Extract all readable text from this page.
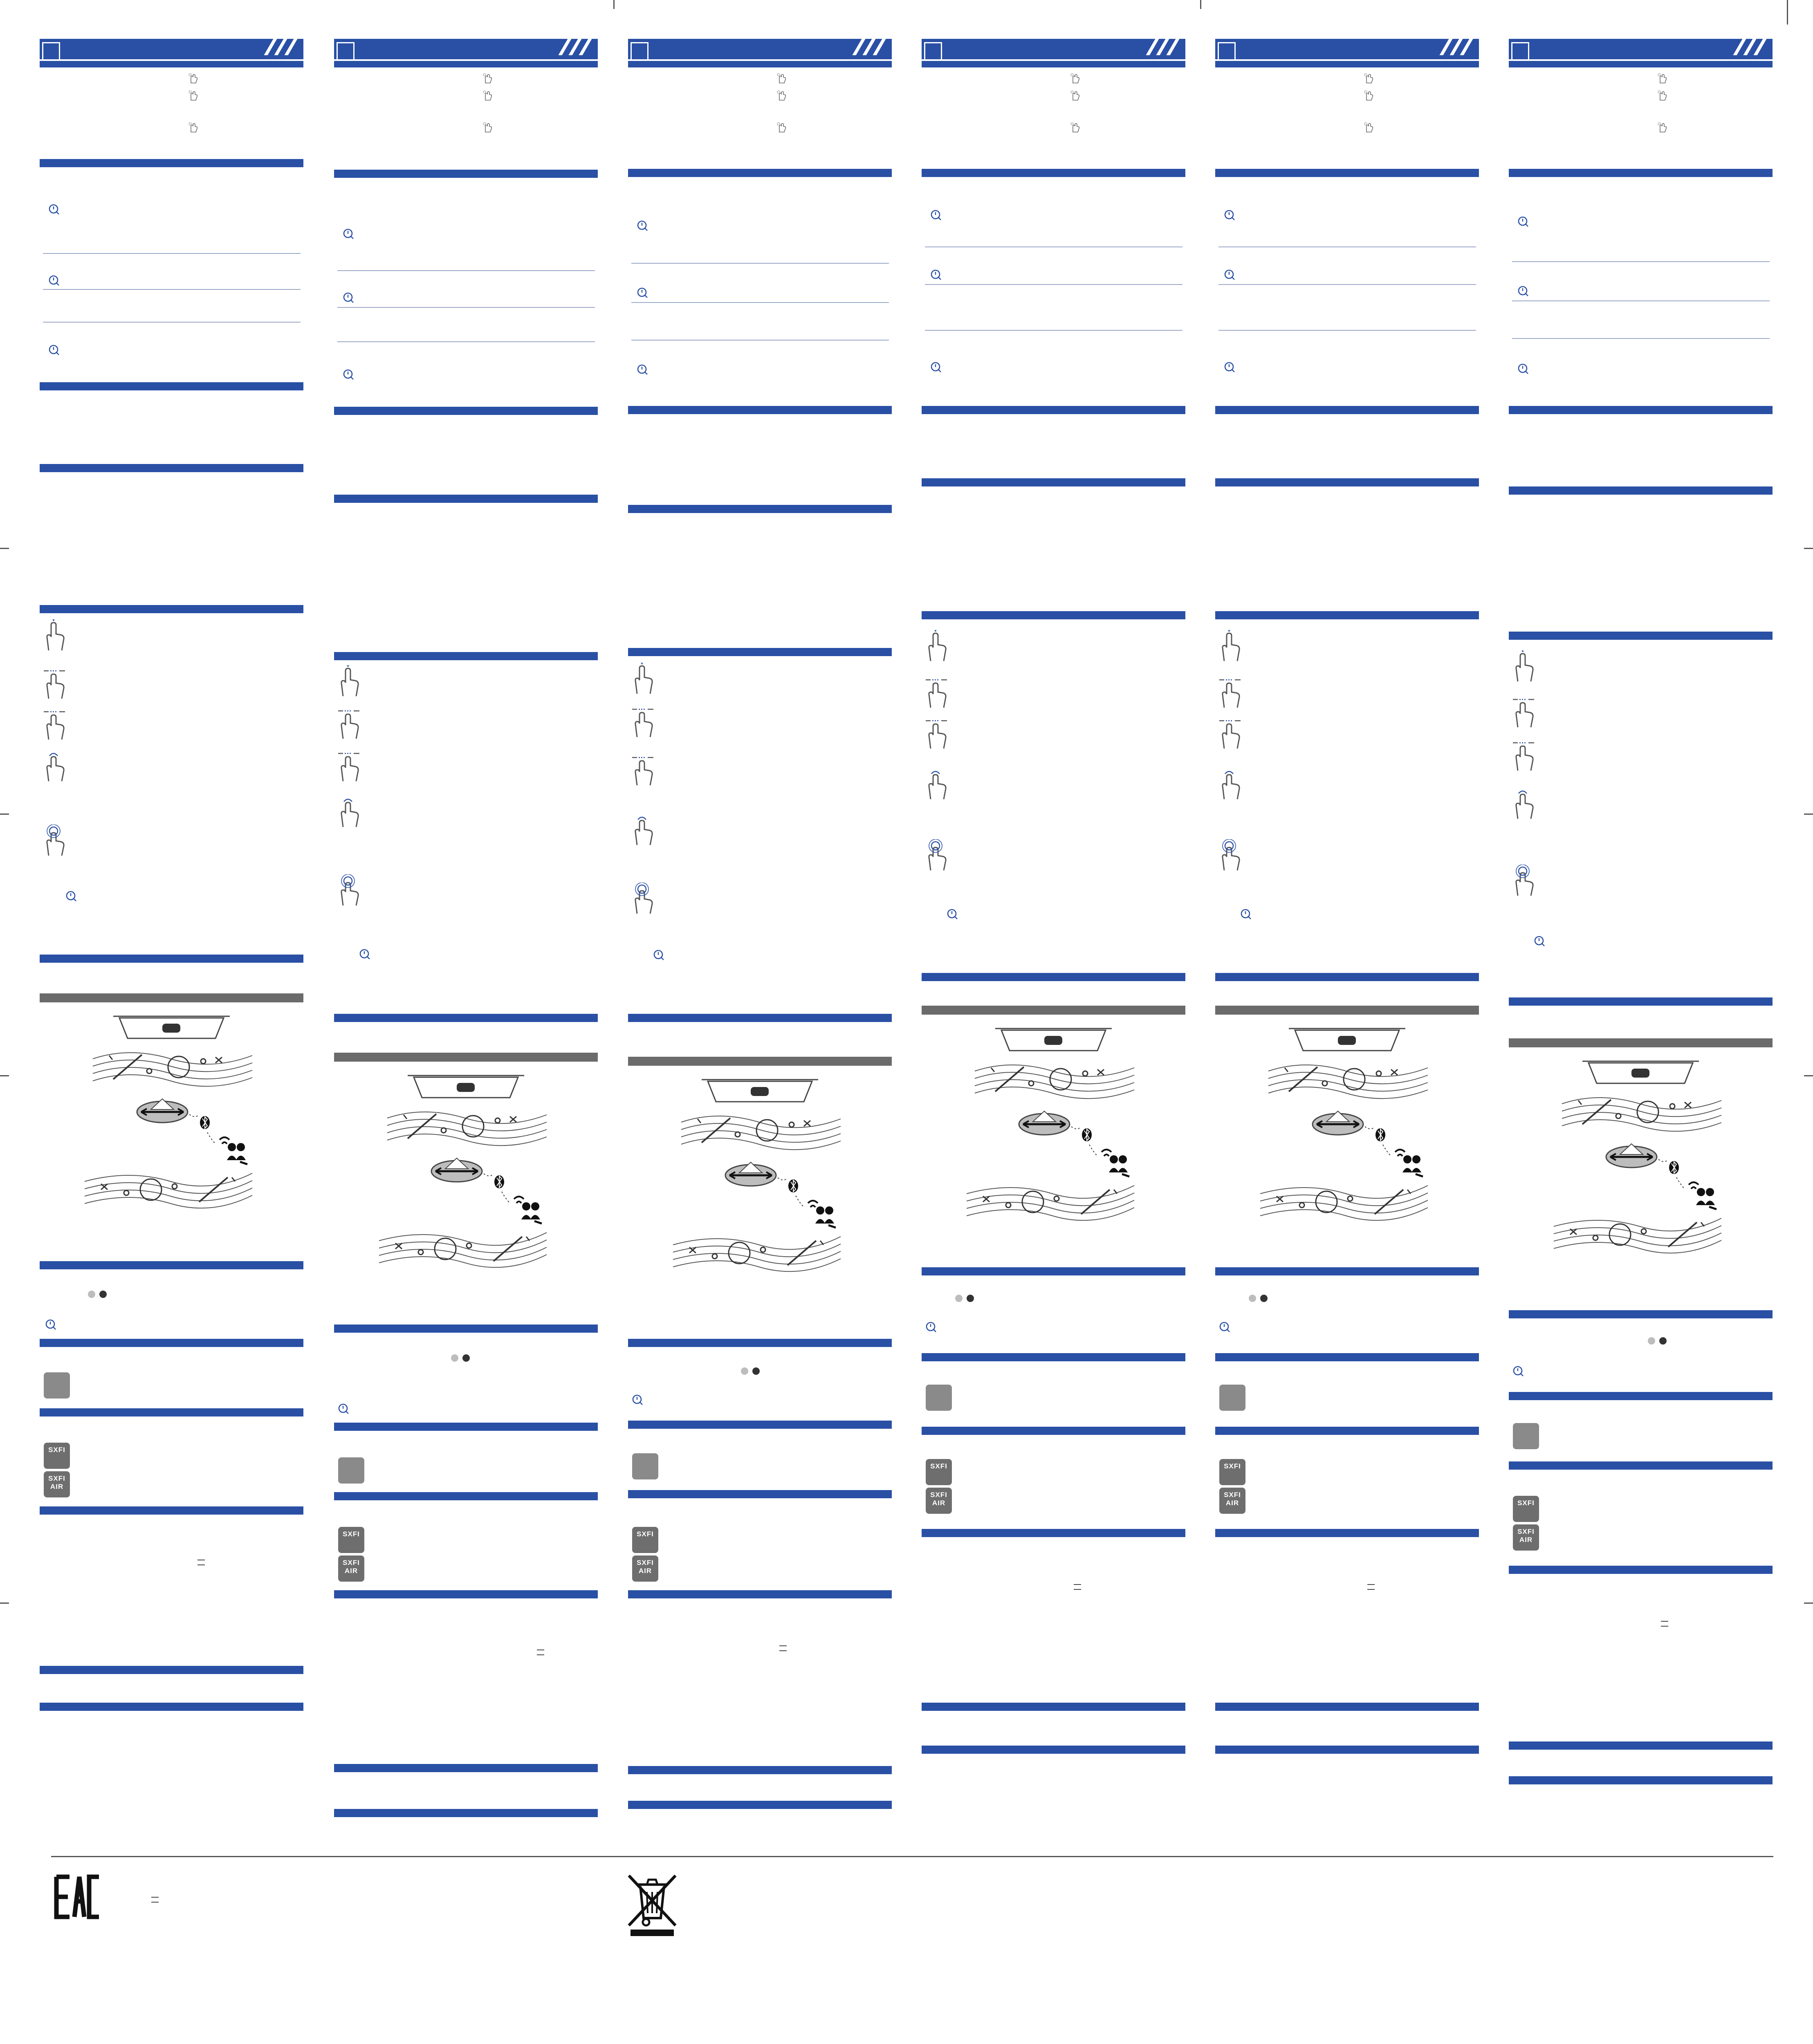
SXFI
SXFI AIR
SXFI
SXFI AIR
SXFI
SXFI AIR
SXFI
SXFI AIR
SXFI
SXFI AIR	SXFI
SXFI AIR
